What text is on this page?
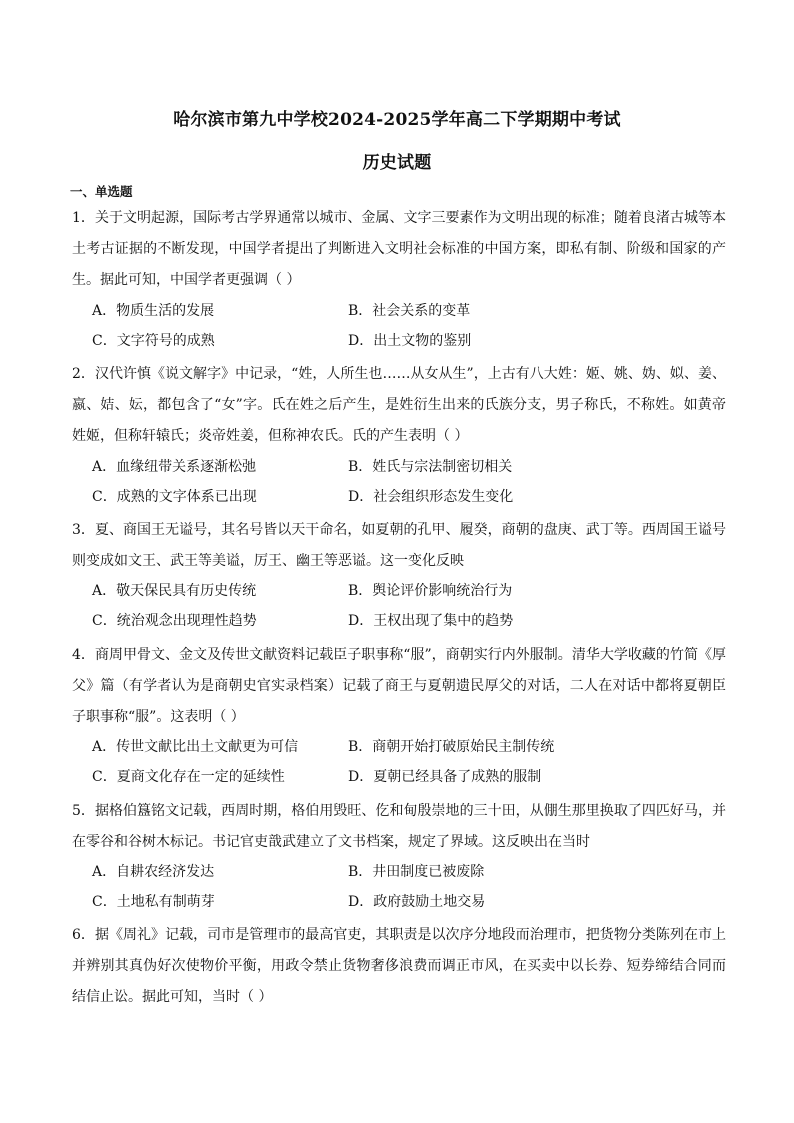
哈尔滨市第九中学校2024-2025学年高二下学期期中考试
历史试题
一、单选题
1．关于文明起源，国际考古学界通常以城市、金属、文字三要素作为文明出现的标准；随着良渚古城等本土考古证据的不断发现，中国学者提出了判断进入文明社会标准的中国方案，即私有制、阶级和国家的产生。据此可知，中国学者更强调（ ）
A．物质生活的发展	B．社会关系的变革
C．文字符号的成熟	D．出土文物的鉴别
2．汉代许慎《说文解字》中记录，“姓，人所生也……从女从生”，上古有八大姓：姬、姚、妫、姒、姜、嬴、姞、妘，都包含了“女”字。氏在姓之后产生，是姓衍生出来的氏族分支，男子称氏，不称姓。如黄帝姓姬，但称轩辕氏；炎帝姓姜，但称神农氏。氏的产生表明（ ）
A．血缘纽带关系逐渐松弛	B．姓氏与宗法制密切相关
C．成熟的文字体系已出现	D．社会组织形态发生变化
3．夏、商国王无谥号，其名号皆以天干命名，如夏朝的孔甲、履癸，商朝的盘庚、武丁等。西周国王谥号则变成如文王、武王等美谥，厉王、幽王等恶谥。这一变化反映
A．敬天保民具有历史传统	B．舆论评价影响统治行为
C．统治观念出现理性趋势	D．王权出现了集中的趋势
4．商周甲骨文、金文及传世文献资料记载臣子职事称“服”，商朝实行内外服制。清华大学收藏的竹简《厚父》篇（有学者认为是商朝史官实录档案）记载了商王与夏朝遗民厚父的对话，二人在对话中都将夏朝臣子职事称“服”。这表明（ ）
A．传世文献比出土文献更为可信	B．商朝开始打破原始民主制传统
C．夏商文化存在一定的延续性	D．夏朝已经具备了成熟的服制
5．据格伯簋铭文记载，西周时期，格伯用毁旺、仡和甸殷崇地的三十田，从倗生那里换取了四匹好马，并在零谷和谷树木标记。书记官吏戠武建立了文书档案，规定了界域。这反映出在当时
A．自耕农经济发达	B．井田制度已被废除
C．土地私有制萌芽	D．政府鼓励土地交易
6．据《周礼》记载，司市是管理市的最高官吏，其职责是以次序分地段而治理市，把货物分类陈列在市上并辨别其真伪好次使物价平衡，用政令禁止货物奢侈浪费而调正市风，在买卖中以长券、短券缔结合同而结信止讼。据此可知，当时（ ）
